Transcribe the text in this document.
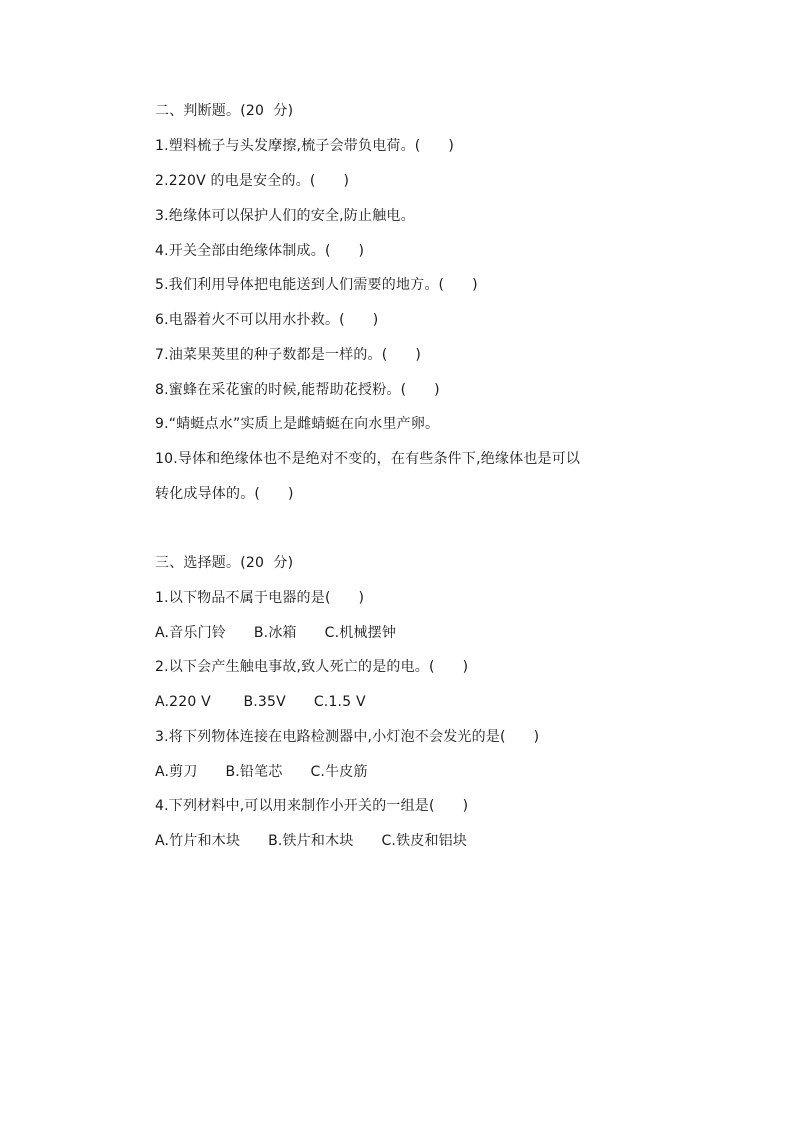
二、判断题。(20  分)
1.塑料梳子与头发摩擦,梳子会带负电荷。(      )
2.220V 的电是安全的。(      )
3.绝缘体可以保护人们的安全,防止触电。
4.开关全部由绝缘体制成。(      )
5.我们利用导体把电能送到人们需要的地方。(      )
6.电器着火不可以用水扑救。(      )
7.油菜果荚里的种子数都是一样的。(      )
8.蜜蜂在采花蜜的时候,能帮助花授粉。(      )
9.“蜻蜓点水”实质上是雌蜻蜓在向水里产卵。
10.导体和绝缘体也不是绝对不变的，在有些条件下,绝缘体也是可以
转化成导体的。(      )
三、选择题。(20  分)
1.以下物品不属于电器的是(      )
A.音乐门铃      B.冰箱      C.机械摆钟
2.以下会产生触电事故,致人死亡的是的电。(      )
A.220 V       B.35V      C.1.5 V
3.将下列物体连接在电路检测器中,小灯泡不会发光的是(      )
A.剪刀      B.铅笔芯      C.牛皮筋
4.下列材料中,可以用来制作小开关的一组是(      )
A.竹片和木块      B.铁片和木块      C.铁皮和铝块
